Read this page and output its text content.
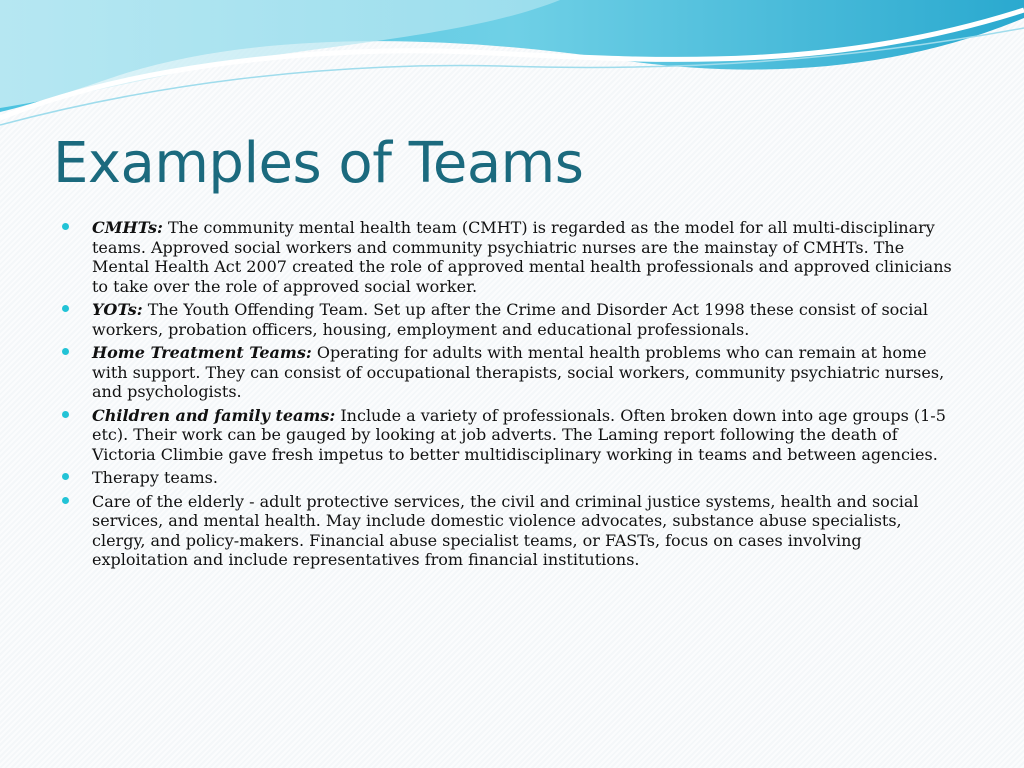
Examples of Teams
CMHTs: The community mental health team (CMHT) is regarded as the model for all multi-disciplinary teams. Approved social workers and community psychiatric nurses are the mainstay of CMHTs. The Mental Health Act 2007 created the role of approved mental health professionals and approved clinicians to take over the role of approved social worker.
YOTs: The Youth Offending Team. Set up after the Crime and Disorder Act 1998 these consist of social workers, probation officers, housing, employment and educational professionals.
Home Treatment Teams: Operating for adults with mental health problems who can remain at home with support. They can consist of occupational therapists, social workers, community psychiatric nurses, and psychologists.
Children and family teams: Include a variety of professionals. Often broken down into age groups (1-5 etc). Their work can be gauged by looking at job adverts. The Laming report following the death of Victoria Climbie gave fresh impetus to better multidisciplinary working in teams and between agencies.
Therapy teams.
Care of the elderly - adult protective services, the civil and criminal justice systems, health and social services, and mental health. May include domestic violence advocates, substance abuse specialists, clergy, and policy-makers. Financial abuse specialist teams, or FASTs, focus on cases involving exploitation and include representatives from financial institutions.
